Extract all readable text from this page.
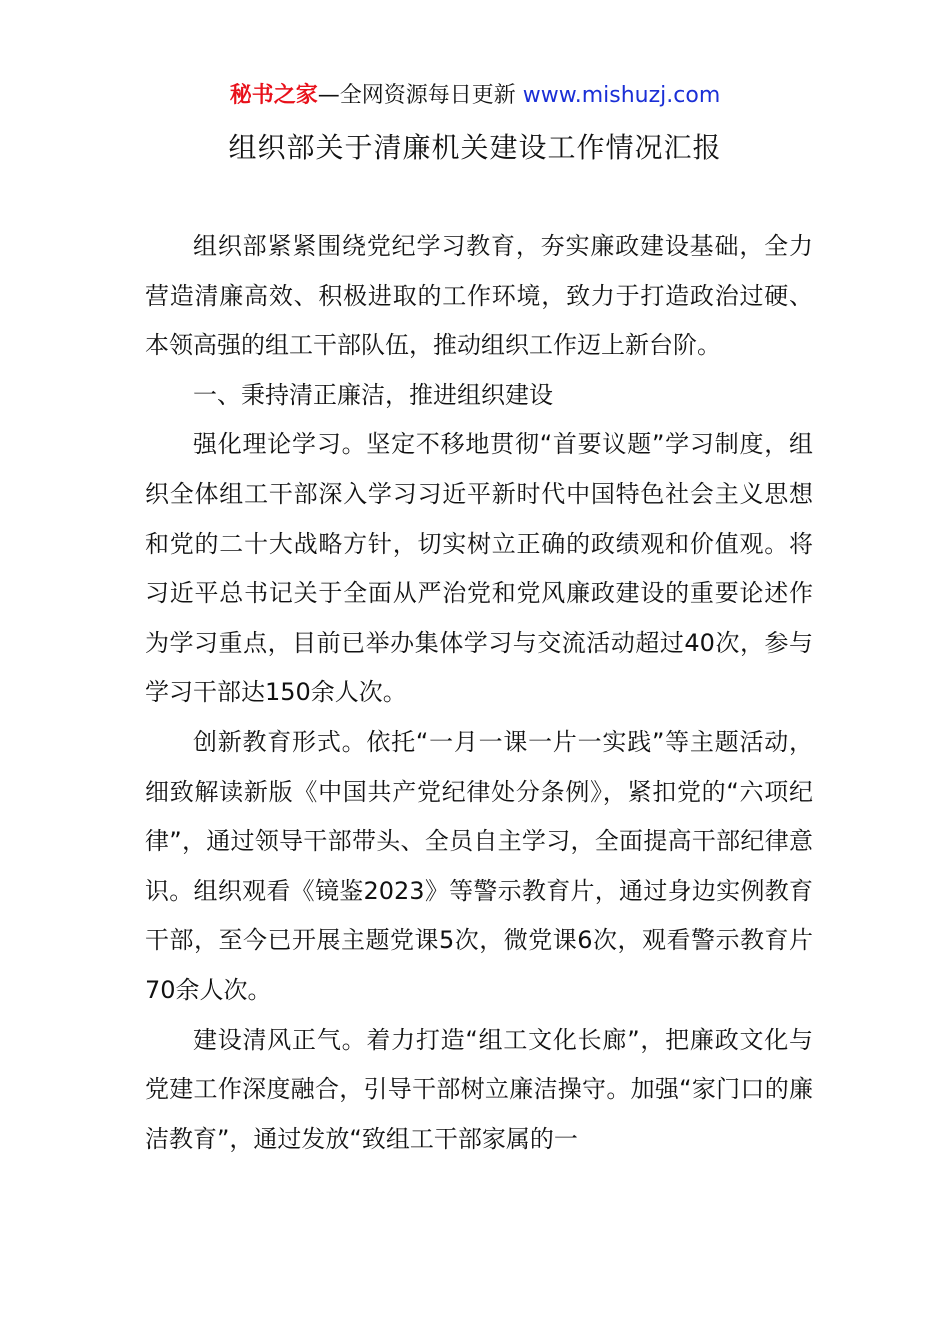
秘书之家—全网资源每日更新 www.mishuzj.com
组织部关于清廉机关建设工作情况汇报

组织部紧紧围绕党纪学习教育，夯实廉政建设基础，全力营造清廉高效、积极进取的工作环境，致力于打造政治过硬、本领高强的组工干部队伍，推动组织工作迈上新台阶。

一、秉持清正廉洁，推进组织建设

强化理论学习。坚定不移地贯彻“首要议题”学习制度，组织全体组工干部深入学习习近平新时代中国特色社会主义思想和党的二十大战略方针，切实树立正确的政绩观和价值观。将习近平总书记关于全面从严治党和党风廉政建设的重要论述作为学习重点，目前已举办集体学习与交流活动超过40次，参与学习干部达150余人次。

创新教育形式。依托“一月一课一片一实践”等主题活动，细致解读新版《中国共产党纪律处分条例》，紧扣党的“六项纪律”，通过领导干部带头、全员自主学习，全面提高干部纪律意识。组织观看《镜鉴2023》等警示教育片，通过身边实例教育干部，至今已开展主题党课5次，微党课6次，观看警示教育片70余人次。

建设清风正气。着力打造“组工文化长廊”，把廉政文化与党建工作深度融合，引导干部树立廉洁操守。加强“家门口的廉洁教育”，通过发放“致组工干部家属的一
